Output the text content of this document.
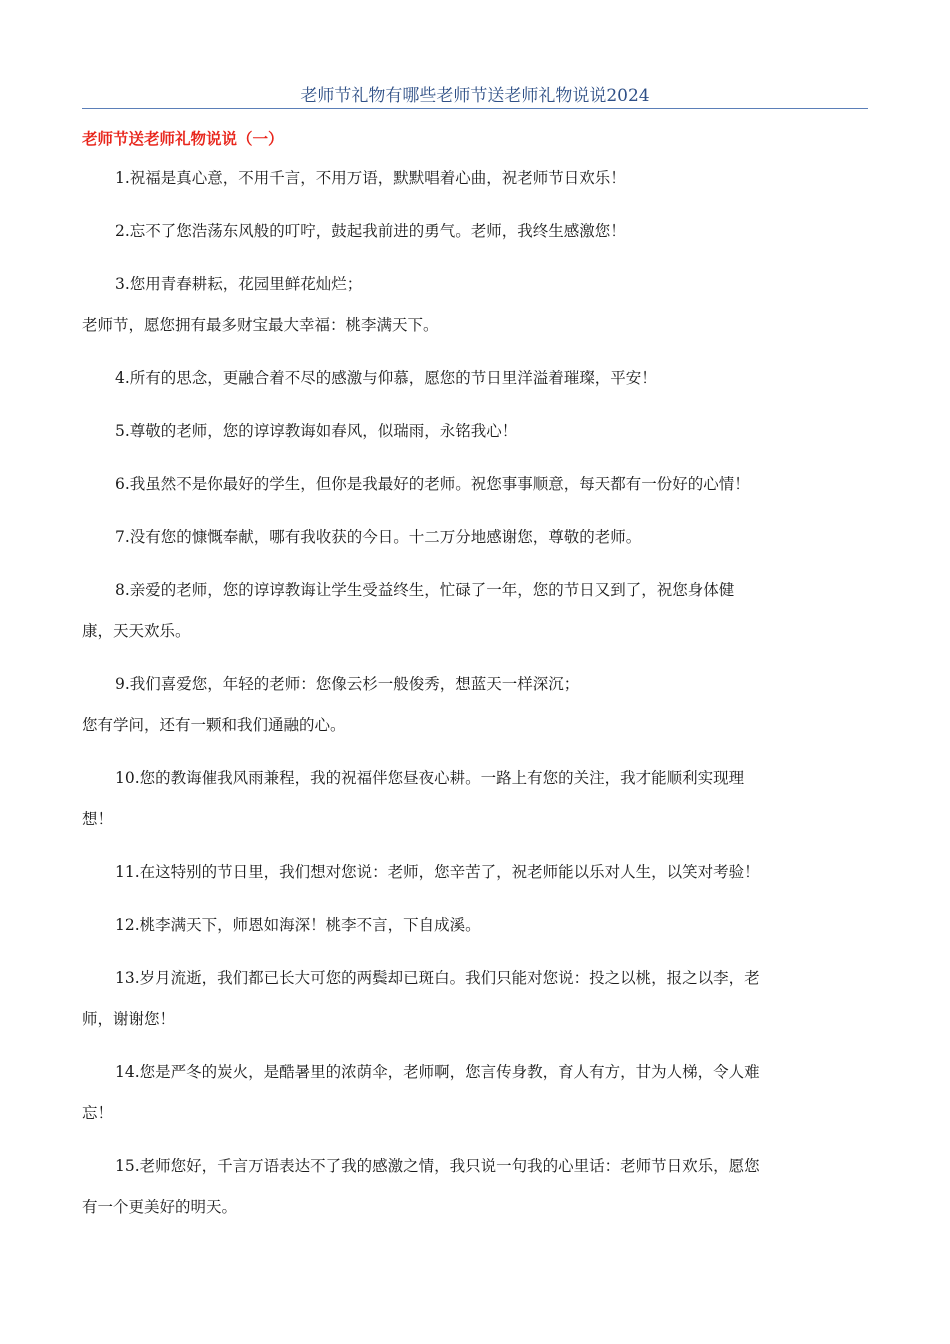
老师节礼物有哪些老师节送老师礼物说说2024
老师节送老师礼物说说（一）
1.祝福是真心意，不用千言，不用万语，默默唱着心曲，祝老师节日欢乐！
2.忘不了您浩荡东风般的叮咛，鼓起我前进的勇气。老师，我终生感激您！
3.您用青春耕耘，花园里鲜花灿烂；
老师节，愿您拥有最多财宝最大幸福：桃李满天下。
4.所有的思念，更融合着不尽的感激与仰慕，愿您的节日里洋溢着璀璨，平安！
5.尊敬的老师，您的谆谆教诲如春风，似瑞雨，永铭我心！
6.我虽然不是你最好的学生，但你是我最好的老师。祝您事事顺意，每天都有一份好的心情！
7.没有您的慷慨奉献，哪有我收获的今日。十二万分地感谢您，尊敬的老师。
8.亲爱的老师，您的谆谆教诲让学生受益终生，忙碌了一年，您的节日又到了，祝您身体健
康，天天欢乐。
9.我们喜爱您，年轻的老师：您像云杉一般俊秀，想蓝天一样深沉；
您有学问，还有一颗和我们通融的心。
10.您的教诲催我风雨兼程，我的祝福伴您昼夜心耕。一路上有您的关注，我才能顺利实现理
想！
11.在这特别的节日里，我们想对您说：老师，您辛苦了，祝老师能以乐对人生，以笑对考验！
12.桃李满天下，师恩如海深！桃李不言，下自成溪。
13.岁月流逝，我们都已长大可您的两鬓却已斑白。我们只能对您说：投之以桃，报之以李，老
师，谢谢您！
14.您是严冬的炭火，是酷暑里的浓荫伞，老师啊，您言传身教，育人有方，甘为人梯，令人难
忘！
15.老师您好，千言万语表达不了我的感激之情，我只说一句我的心里话：老师节日欢乐，愿您
有一个更美好的明天。
